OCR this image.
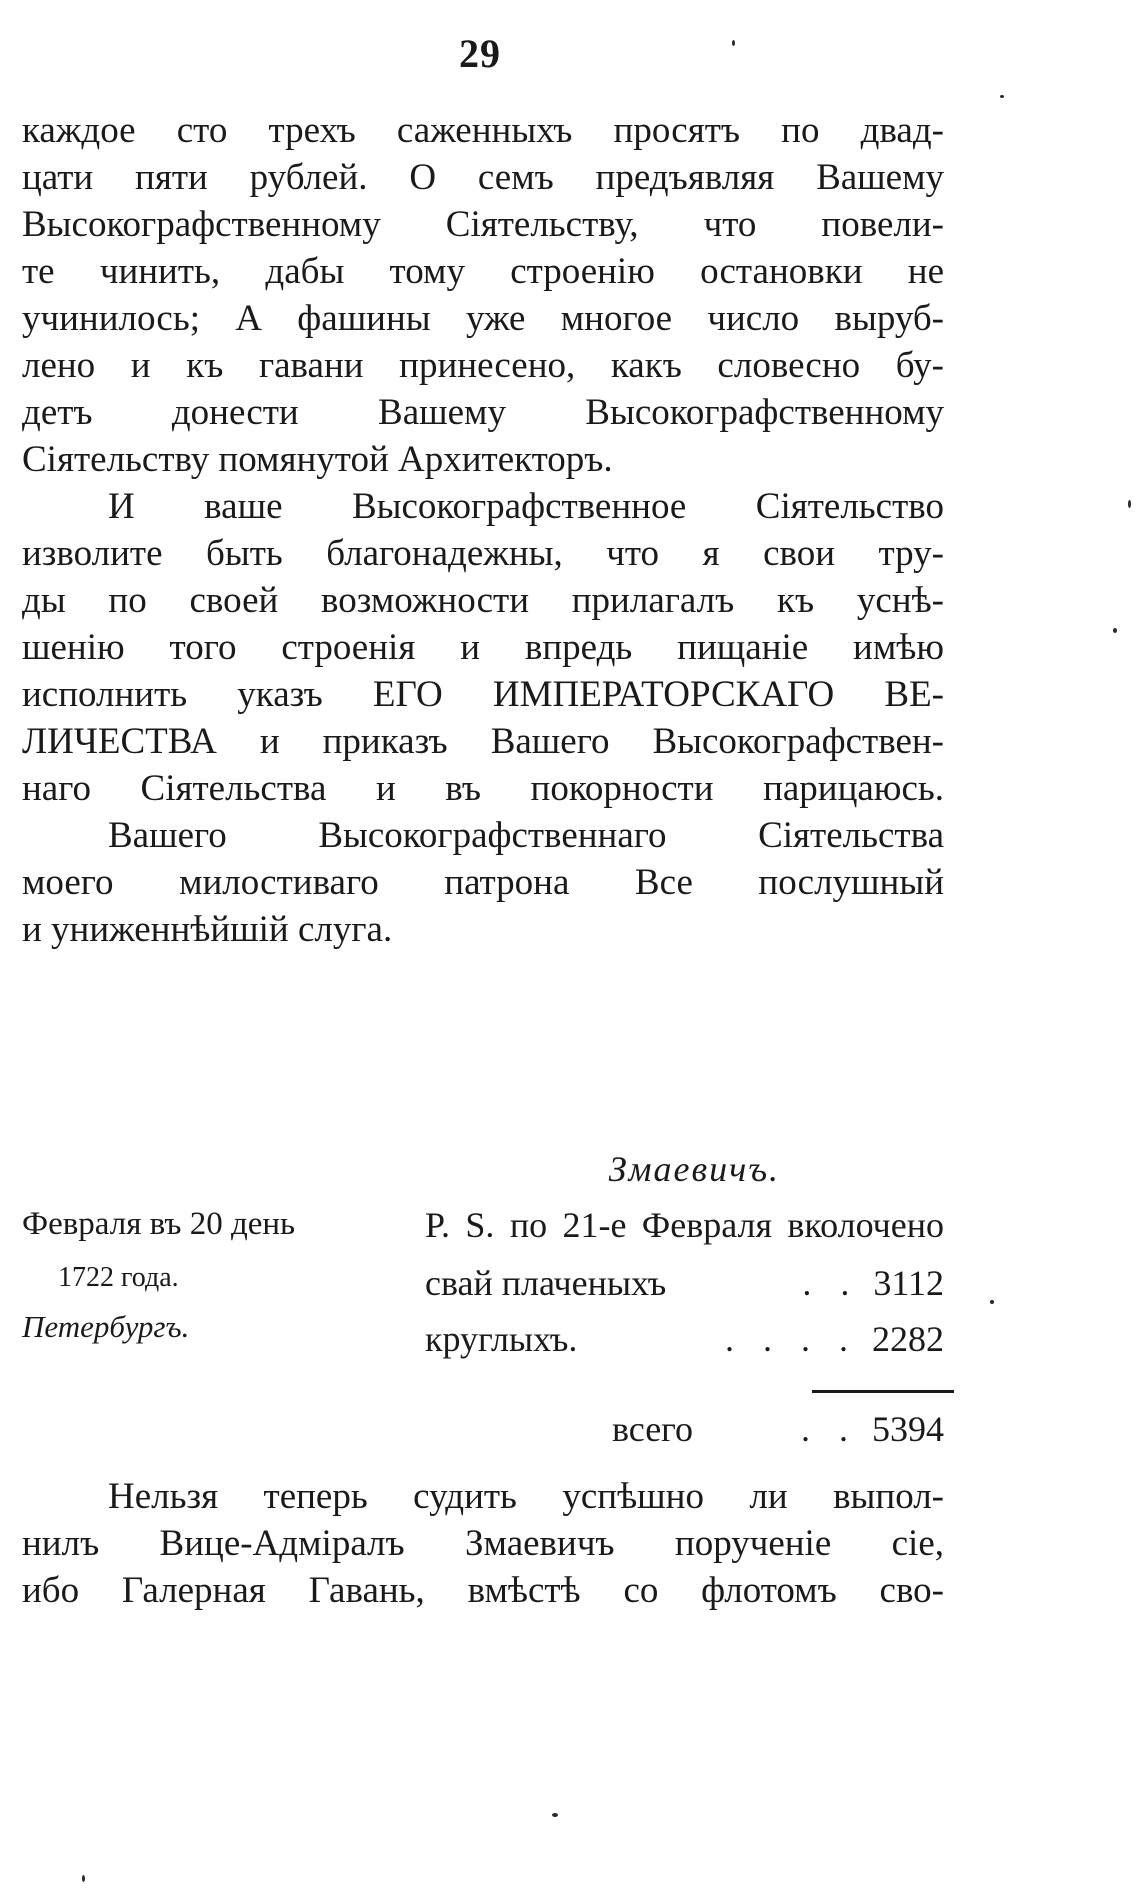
29
каждое сто трехъ саженныхъ просятъ по двад-
цати пяти рублей. О семъ предъявляя Вашему
Высокографственному Сіятельству, что повели-
те чинить, дабы тому строенію остановки не
учинилось; А фашины уже многое число выруб-
лено и къ гавани принесено, какъ словесно бу-
детъ донести Вашему Высокографственному
Сіятельству помянутой Архитекторъ.
И ваше Высокографственное Сіятельство
изволите быть благонадежны, что я свои тру-
ды по своей возможности прилагалъ къ уснѣ-
шенію того строенія и впредь пищаніе имѣю
исполнить указъ ЕГО ИМПЕРАТОРСКАГО ВЕ-
ЛИЧЕСТВА и приказъ Вашего Высокографствен-
наго Сіятельства и въ покорности парицаюсь.
Вашего Высокографственнаго Сіятельства
моего милостиваго патрона Все послушный
и униженнѣйшій слуга.
Змаевичъ.
Февраля въ 20 день
1722 года.
Петербургъ.
P. S. по 21-е Февраля вколочено
свай плаченыхъ	. . 3112
круглыхъ.	. . . . 2282
всего	. . 5394
Нельзя теперь судить успѣшно ли выпол-
нилъ Вице-Адміралъ Змаевичъ порученіе сіе,
ибо Галерная Гавань, вмѣстѣ со флотомъ сво-
